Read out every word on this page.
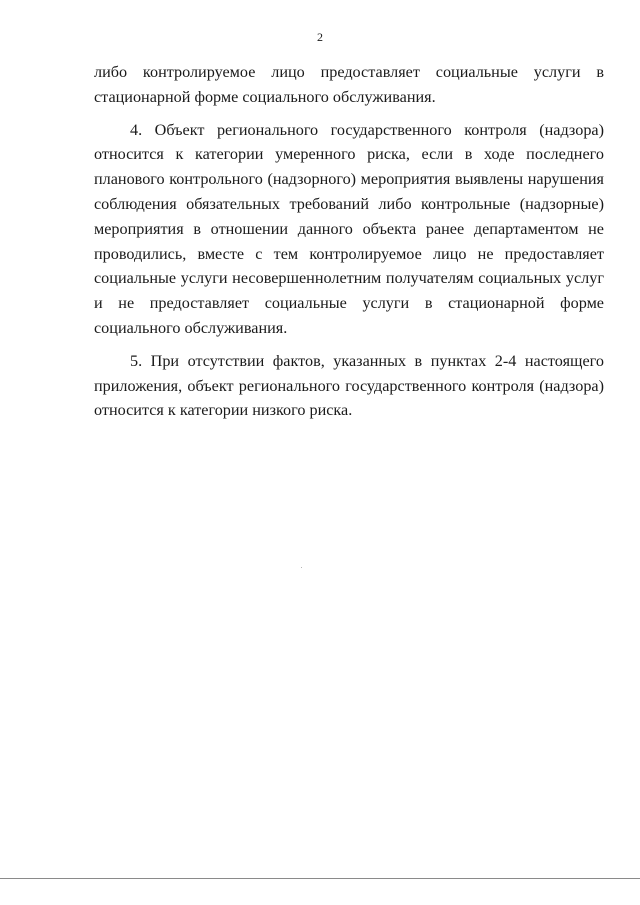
2

либо контролируемое лицо предоставляет социальные услуги в стационарной форме социального обслуживания.

4. Объект регионального государственного контроля (надзора) относится к категории умеренного риска, если в ходе последнего планового контрольного (надзорного) мероприятия выявлены нарушения соблюдения обязательных требований либо контрольные (надзорные) мероприятия в отношении данного объекта ранее департаментом не проводились, вместе с тем контролируемое лицо не предоставляет социальные услуги несовершеннолетним получателям социальных услуг и не предоставляет социальные услуги в стационарной форме социального обслуживания.

5. При отсутствии фактов, указанных в пунктах 2-4 настоящего приложения, объект регионального государственного контроля (надзора) относится к категории низкого риска.
